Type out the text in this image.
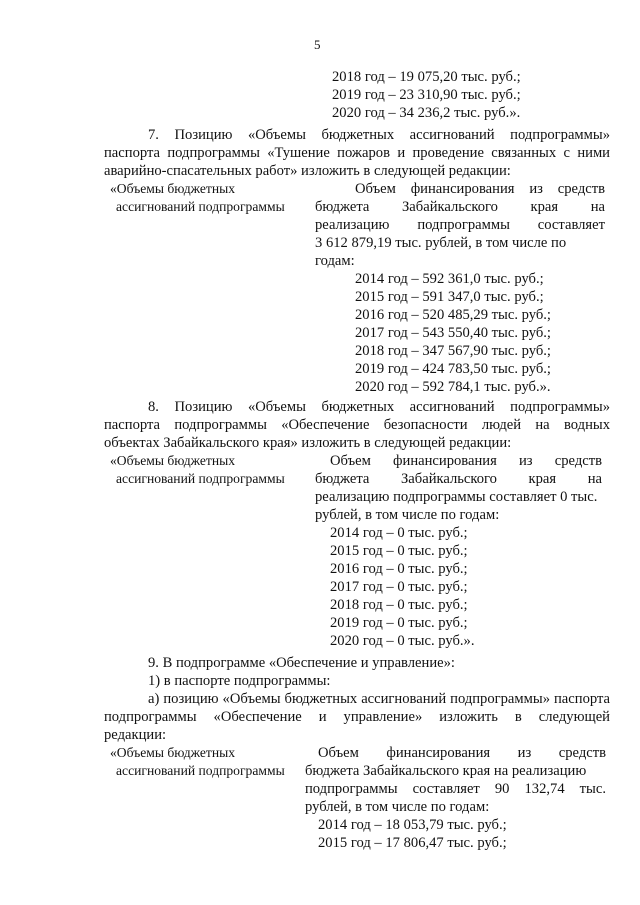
5
2018 год – 19 075,20 тыс. руб.;
2019 год – 23 310,90 тыс. руб.;
2020 год – 34 236,2 тыс. руб.».
7. Позицию «Объемы бюджетных ассигнований подпрограммы»
паспорта подпрограммы «Тушение пожаров и проведение связанных с ними
аварийно-спасательных работ» изложить в следующей редакции:
«Объемы бюджетных
ассигнований подпрограммы
Объем финансирования из средств
бюджета Забайкальского края на
реализацию подпрограммы составляет
3 612 879,19 тыс. рублей, в том числе по
годам:
2014 год – 592 361,0 тыс. руб.;
2015 год – 591 347,0 тыс. руб.;
2016 год – 520 485,29 тыс. руб.;
2017 год – 543 550,40 тыс. руб.;
2018 год – 347 567,90 тыс. руб.;
2019 год – 424 783,50 тыс. руб.;
2020 год – 592 784,1 тыс. руб.».
8. Позицию «Объемы бюджетных ассигнований подпрограммы»
паспорта подпрограммы «Обеспечение безопасности людей на водных
объектах Забайкальского края» изложить в следующей редакции:
«Объемы бюджетных
ассигнований подпрограммы
Объем финансирования из средств
бюджета Забайкальского края на
реализацию подпрограммы составляет 0 тыс.
рублей, в том числе по годам:
2014 год – 0 тыс. руб.;
2015 год – 0 тыс. руб.;
2016 год – 0 тыс. руб.;
2017 год – 0 тыс. руб.;
2018 год – 0 тыс. руб.;
2019 год – 0 тыс. руб.;
2020 год – 0 тыс. руб.».
9. В подпрограмме «Обеспечение и управление»:
1) в паспорте подпрограммы:
а) позицию «Объемы бюджетных ассигнований подпрограммы» паспорта
подпрограммы «Обеспечение и управление» изложить в следующей
редакции:
«Объемы бюджетных
ассигнований подпрограммы
Объем финансирования из средств
бюджета Забайкальского края на реализацию
подпрограммы составляет 90 132,74 тыс.
рублей, в том числе по годам:
2014 год – 18 053,79 тыс. руб.;
2015 год – 17 806,47 тыс. руб.;
